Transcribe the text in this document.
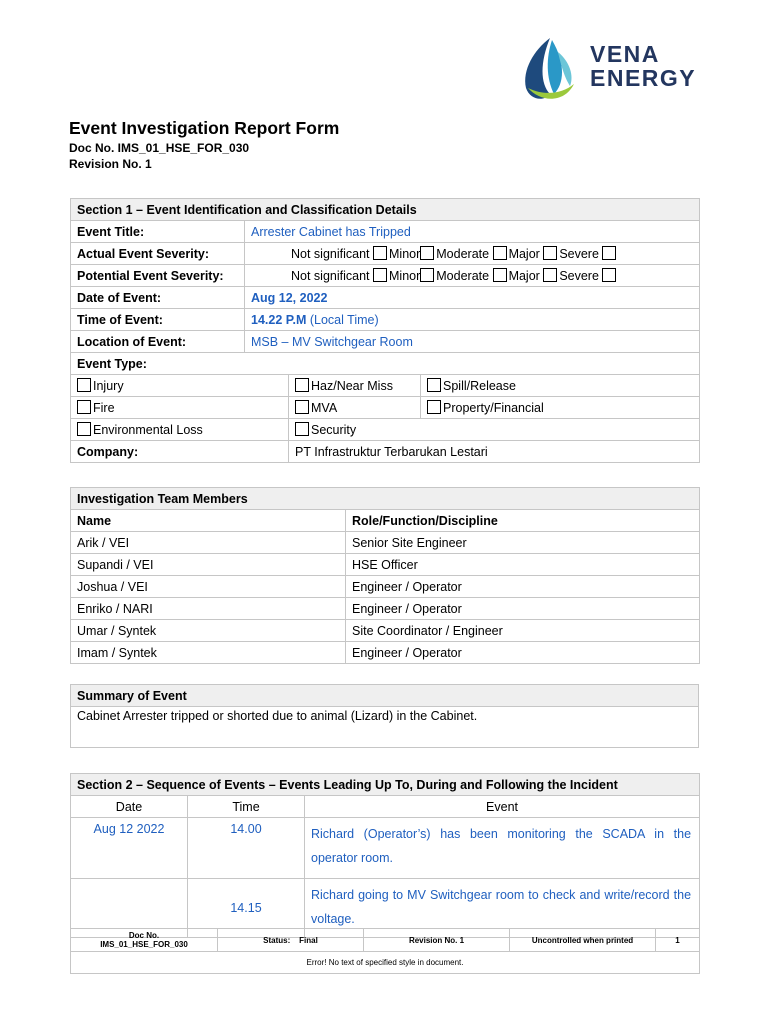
VENA
ENERGY
Event Investigation Report Form
Doc No. IMS_01_HSE_FOR_030
Revision No. 1
Section 1 – Event Identification and Classification Details			
Event Title:	Arrester Cabinet has Tripped		
Actual Event Severity:	Not significant Minor Moderate Major Severe		
Potential Event Severity:	Not significant Minor Moderate Major Severe		
Date of Event:	Aug 12, 2022		
Time of Event:	14.22 P.M (Local Time)		
Location of Event:	MSB – MV Switchgear Room		
Event Type:			
Injury		Haz/Near Miss	Spill/Release
Fire		MVA	Property/Financial
Environmental Loss		Security	
Company:		PT Infrastruktur Terbarukan Lestari	
Investigation Team Members	
Name	Role/Function/Discipline
Arik / VEI	Senior Site Engineer
Supandi / VEI	HSE Officer
Joshua / VEI	Engineer / Operator
Enriko / NARI	Engineer / Operator
Umar / Syntek	Site Coordinator / Engineer
Imam / Syntek	Engineer / Operator
Summary of Event
Cabinet Arrester tripped or shorted due to animal (Lizard) in the Cabinet.
Section 2 – Sequence of Events – Events Leading Up To, During and Following the Incident		
Date	Time	Event
Aug 12 2022	14.00	Richard (Operator’s) has been monitoring the SCADA in the operator room.
	14.15	Richard going to MV Switchgear room to check and write/record the voltage.
Doc No.
IMS_01_HSE_FOR_030	Status: Final	Revision No. 1	Uncontrolled when printed	1
Error! No text of specified style in document.
